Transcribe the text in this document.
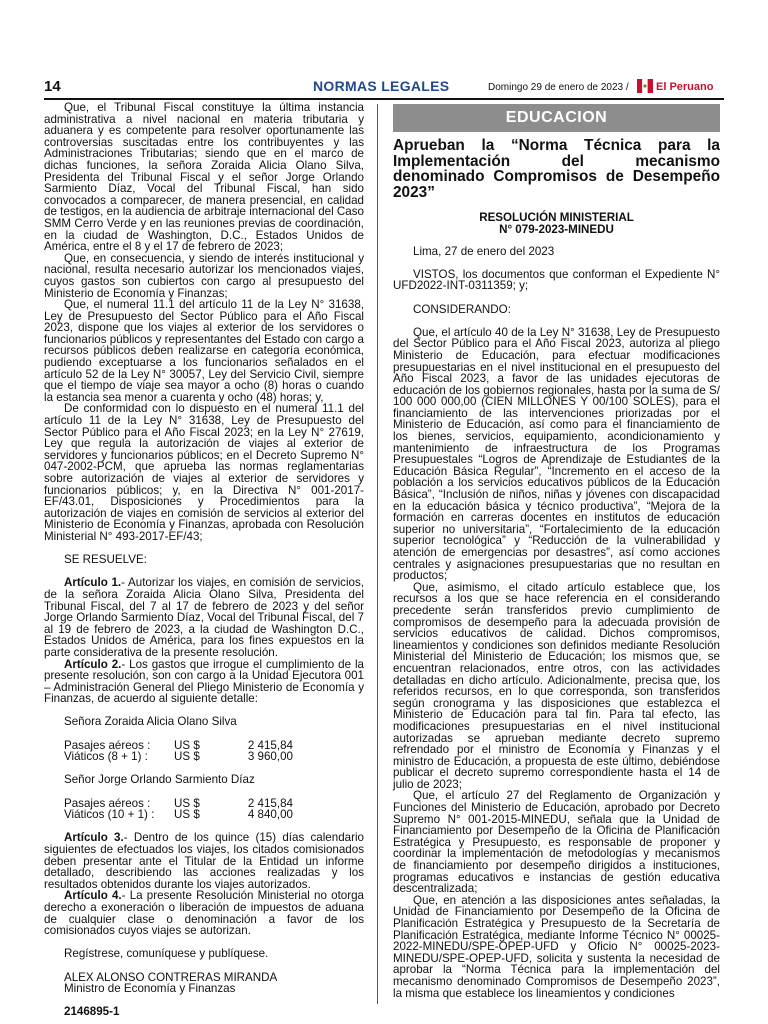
14	NORMAS LEGALES	Domingo 29 de enero de 2023 / El Peruano

Que, el Tribunal Fiscal constituye la última instancia administrativa a nivel nacional en materia tributaria y aduanera y es competente para resolver oportunamente las controversias suscitadas entre los contribuyentes y las Administraciones Tributarias; siendo que en el marco de dichas funciones, la señora Zoraida Alicia Olano Silva, Presidenta del Tribunal Fiscal y el señor Jorge Orlando Sarmiento Díaz, Vocal del Tribunal Fiscal, han sido convocados a comparecer, de manera presencial, en calidad de testigos, en la audiencia de arbitraje internacional del Caso SMM Cerro Verde y en las reuniones previas de coordinación, en la ciudad de Washington, D.C., Estados Unidos de América, entre el 8 y el 17 de febrero de 2023;

Que, en consecuencia, y siendo de interés institucional y nacional, resulta necesario autorizar los mencionados viajes, cuyos gastos son cubiertos con cargo al presupuesto del Ministerio de Economía y Finanzas;

Que, el numeral 11.1 del artículo 11 de la Ley N° 31638, Ley de Presupuesto del Sector Público para el Año Fiscal 2023, dispone que los viajes al exterior de los servidores o funcionarios públicos y representantes del Estado con cargo a recursos públicos deben realizarse en categoría económica, pudiendo exceptuarse a los funcionarios señalados en el artículo 52 de la Ley N° 30057, Ley del Servicio Civil, siempre que el tiempo de viaje sea mayor a ocho (8) horas o cuando la estancia sea menor a cuarenta y ocho (48) horas; y,

De conformidad con lo dispuesto en el numeral 11.1 del artículo 11 de la Ley N° 31638, Ley de Presupuesto del Sector Público para el Año Fiscal 2023; en la Ley N° 27619, Ley que regula la autorización de viajes al exterior de servidores y funcionarios públicos; en el Decreto Supremo N° 047-2002-PCM, que aprueba las normas reglamentarias sobre autorización de viajes al exterior de servidores y funcionarios públicos; y, en la Directiva N° 001-2017-EF/43.01, Disposiciones y Procedimientos para la autorización de viajes en comisión de servicios al exterior del Ministerio de Economía y Finanzas, aprobada con Resolución Ministerial N° 493-2017-EF/43;

SE RESUELVE:

Artículo 1.- Autorizar los viajes, en comisión de servicios, de la señora Zoraida Alicia Olano Silva, Presidenta del Tribunal Fiscal, del 7 al 17 de febrero de 2023 y del señor Jorge Orlando Sarmiento Díaz, Vocal del Tribunal Fiscal, del 7 al 19 de febrero de 2023, a la ciudad de Washington D.C., Estados Unidos de América, para los fines expuestos en la parte considerativa de la presente resolución.

Artículo 2.- Los gastos que irrogue el cumplimiento de la presente resolución, son con cargo a la Unidad Ejecutora 001 – Administración General del Pliego Ministerio de Economía y Finanzas, de acuerdo al siguiente detalle:

Señora Zoraida Alicia Olano Silva

Pasajes aéreos :	US $	2 415,84
Viáticos (8 + 1) :	US $	3 960,00

Señor Jorge Orlando Sarmiento Díaz

Pasajes aéreos :	US $	2 415,84
Viáticos (10 + 1) :	US $	4 840,00

Artículo 3.- Dentro de los quince (15) días calendario siguientes de efectuados los viajes, los citados comisionados deben presentar ante el Titular de la Entidad un informe detallado, describiendo las acciones realizadas y los resultados obtenidos durante los viajes autorizados.

Artículo 4.- La presente Resolución Ministerial no otorga derecho a exoneración o liberación de impuestos de aduana de cualquier clase o denominación a favor de los comisionados cuyos viajes se autorizan.

Regístrese, comuníquese y publíquese.

ALEX ALONSO CONTRERAS MIRANDA

Ministro de Economía y Finanzas

2146895-1

EDUCACION
Aprueban la “Norma Técnica para la Implementación del mecanismo denominado Compromisos de Desempeño 2023”
RESOLUCIÓN MINISTERIAL
N° 079-2023-MINEDU

Lima, 27 de enero del 2023

VISTOS, los documentos que conforman el Expediente N° UFD2022-INT-0311359; y;

CONSIDERANDO:

Que, el artículo 40 de la Ley N° 31638, Ley de Presupuesto del Sector Público para el Año Fiscal 2023, autoriza al pliego Ministerio de Educación, para efectuar modificaciones presupuestarias en el nivel institucional en el presupuesto del Año Fiscal 2023, a favor de las unidades ejecutoras de educación de los gobiernos regionales, hasta por la suma de S/ 100 000 000,00 (CIEN MILLONES Y 00/100 SOLES), para el financiamiento de las intervenciones priorizadas por el Ministerio de Educación, así como para el financiamiento de los bienes, servicios, equipamiento, acondicionamiento y mantenimiento de infraestructura de los Programas Presupuestales “Logros de Aprendizaje de Estudiantes de la Educación Básica Regular”, “Incremento en el acceso de la población a los servicios educativos públicos de la Educación Básica”, “Inclusión de niños, niñas y jóvenes con discapacidad en la educación básica y técnico productiva”, “Mejora de la formación en carreras docentes en institutos de educación superior no universitaria”, “Fortalecimiento de la educación superior tecnológica” y “Reducción de la vulnerabilidad y atención de emergencias por desastres”, así como acciones centrales y asignaciones presupuestarias que no resultan en productos;

Que, asimismo, el citado artículo establece que, los recursos a los que se hace referencia en el considerando precedente serán transferidos previo cumplimiento de compromisos de desempeño para la adecuada provisión de servicios educativos de calidad. Dichos compromisos, lineamientos y condiciones son definidos mediante Resolución Ministerial del Ministerio de Educación; los mismos que, se encuentran relacionados, entre otros, con las actividades detalladas en dicho artículo. Adicionalmente, precisa que, los referidos recursos, en lo que corresponda, son transferidos según cronograma y las disposiciones que establezca el Ministerio de Educación para tal fin. Para tal efecto, las modificaciones presupuestarias en el nivel institucional autorizadas se aprueban mediante decreto supremo refrendado por el ministro de Economía y Finanzas y el ministro de Educación, a propuesta de este último, debiéndose publicar el decreto supremo correspondiente hasta el 14 de julio de 2023;

Que, el artículo 27 del Reglamento de Organización y Funciones del Ministerio de Educación, aprobado por Decreto Supremo N° 001-2015-MINEDU, señala que la Unidad de Financiamiento por Desempeño de la Oficina de Planificación Estratégica y Presupuesto, es responsable de proponer y coordinar la implementación de metodologías y mecanismos de financiamiento por desempeño dirigidos a instituciones, programas educativos e instancias de gestión educativa descentralizada;

Que, en atención a las disposiciones antes señaladas, la Unidad de Financiamiento por Desempeño de la Oficina de Planificación Estratégica y Presupuesto de la Secretaría de Planificación Estratégica, mediante Informe Técnico N° 00025-2022-MINEDU/SPE-OPEP-UFD y Oficio N° 00025-2023-MINEDU/SPE-OPEP-UFD, solicita y sustenta la necesidad de aprobar la “Norma Técnica para la implementación del mecanismo denominado Compromisos de Desempeño 2023”, la misma que establece los lineamientos y condiciones
